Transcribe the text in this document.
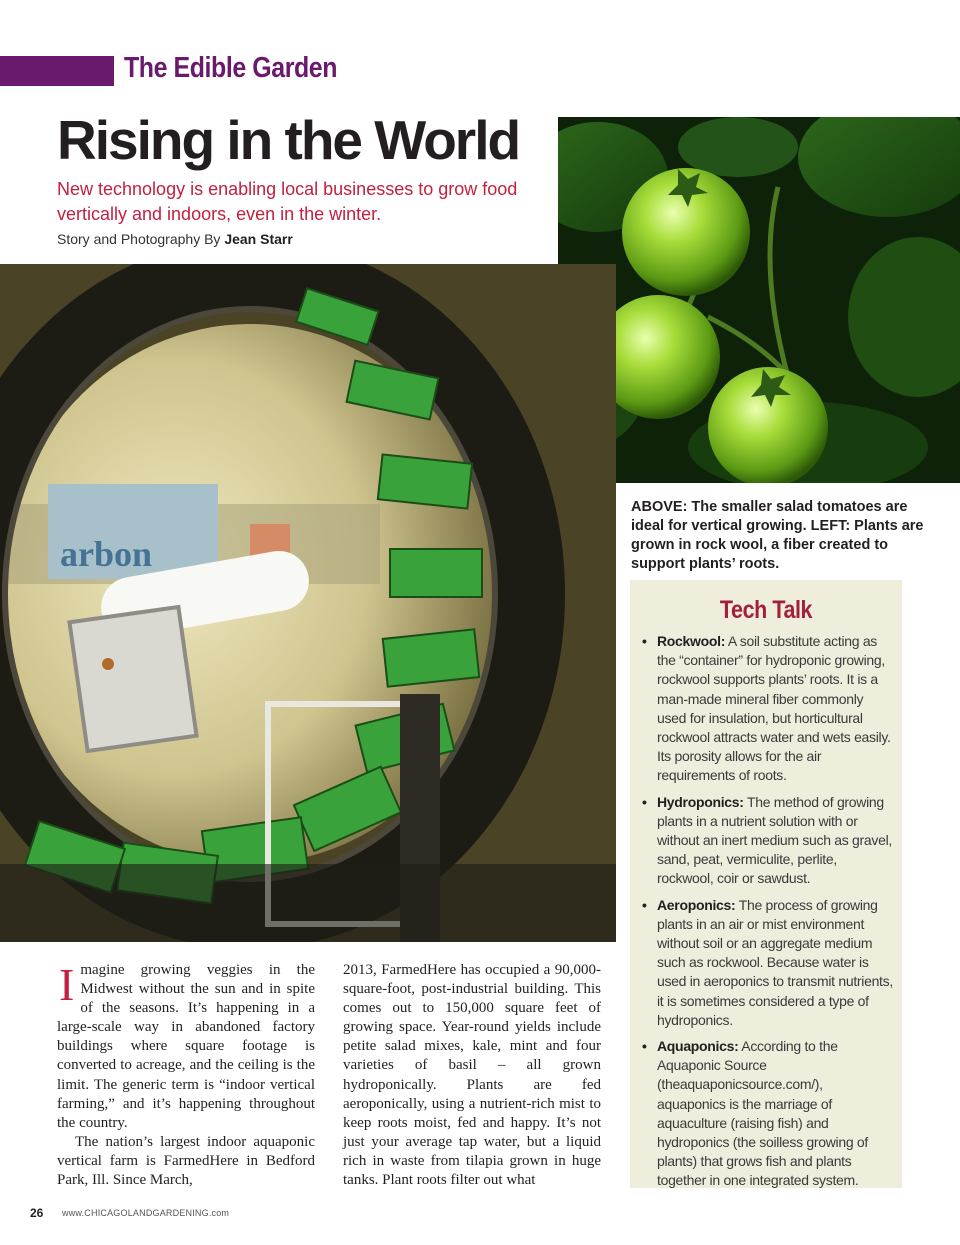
The Edible Garden
Rising in the World
New technology is enabling local businesses to grow food vertically and indoors, even in the winter.
Story and Photography By Jean Starr
arbon
ABOVE: The smaller salad tomatoes are ideal for vertical growing. LEFT: Plants are grown in rock wool, a fiber created to support plants’ roots.
Tech Talk
• Rockwool: A soil substitute acting as the “container” for hydroponic growing, rockwool supports plants’ roots. It is a man-made mineral fiber commonly used for insulation, but horticultural rockwool attracts water and wets easily. Its porosity allows for the air requirements of roots.
• Hydroponics: The method of growing plants in a nutrient solution with or without an inert medium such as gravel, sand, peat, vermiculite, perlite, rockwool, coir or sawdust.
• Aeroponics: The process of growing plants in an air or mist environment without soil or an aggregate medium such as rockwool. Because water is used in aeroponics to transmit nutrients, it is sometimes considered a type of hydroponics.
• Aquaponics: According to the Aquaponic Source (theaquaponicsource.com/), aquaponics is the marriage of aquaculture (raising fish) and hydroponics (the soilless growing of plants) that grows fish and plants together in one integrated system.
Imagine growing veggies in the Midwest without the sun and in spite of the seasons. It’s happening in a large-scale way in abandoned factory buildings where square footage is converted to acreage, and the ceiling is the limit. The generic term is “indoor vertical farming,” and it’s happening throughout the country.
The nation’s largest indoor aquaponic vertical farm is FarmedHere in Bedford Park, Ill. Since March,
2013, FarmedHere has occupied a 90,000-square-foot, post-industrial building. This comes out to 150,000 square feet of growing space. Year-round yields include petite salad mixes, kale, mint and four varieties of basil – all grown hydroponically. Plants are fed aeroponically, using a nutrient-rich mist to keep roots moist, fed and happy. It’s not just your average tap water, but a liquid rich in waste from tilapia grown in huge tanks. Plant roots filter out what
26 www.CHICAGOLANDGARDENING.com
